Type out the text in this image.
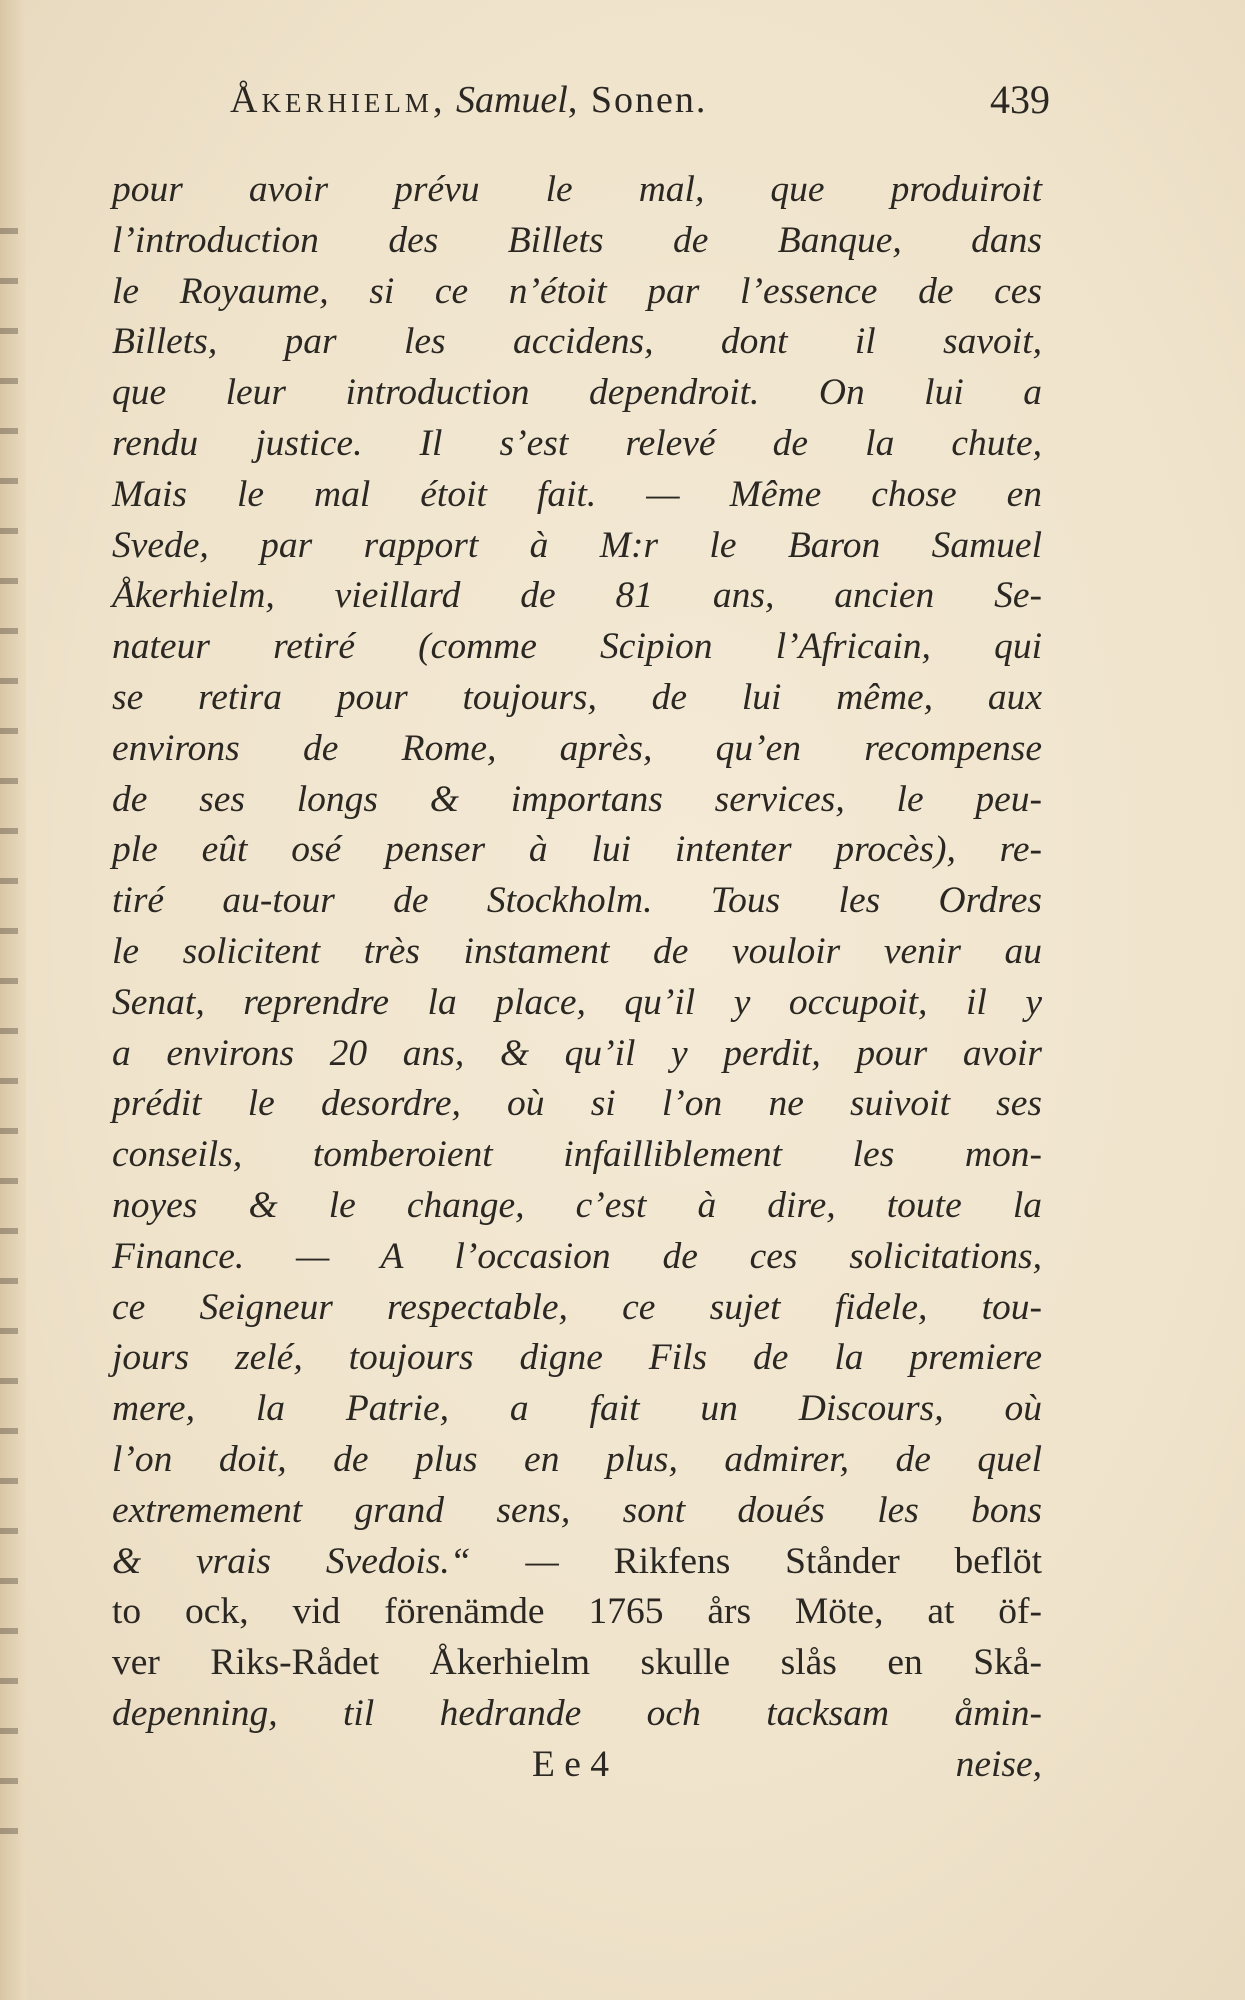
Åkerhielm, Samuel, Sonen.	439
pour avoir prévu le mal, que produiroit
l’introduction des Billets de Banque, dans
le Royaume, si ce n’étoit par l’essence de ces
Billets, par les accidens, dont il savoit,
que leur introduction dependroit. On lui a
rendu justice. Il s’est relevé de la chute,
Mais le mal étoit fait. — Même chose en
Svede, par rapport à M:r le Baron Samuel
Åkerhielm, vieillard de 81 ans, ancien Se-
nateur retiré (comme Scipion l’Africain, qui
se retira pour toujours, de lui même, aux
environs de Rome, après, qu’en recompense
de ses longs & importans services, le peu-
ple eût osé penser à lui intenter procès), re-
tiré au-tour de Stockholm. Tous les Ordres
le solicitent très instament de vouloir venir au
Senat, reprendre la place, qu’il y occupoit, il y
a environs 20 ans, & qu’il y perdit, pour avoir
prédit le desordre, où si l’on ne suivoit ses
conseils, tomberoient infailliblement les mon-
noyes & le change, c’est à dire, toute la
Finance. — A l’occasion de ces solicitations,
ce Seigneur respectable, ce sujet fidele, tou-
jours zelé, toujours digne Fils de la premiere
mere, la Patrie, a fait un Discours, où
l’on doit, de plus en plus, admirer, de quel
extremement grand sens, sont doués les bons
& vrais Svedois.“ — Rikfens Stånder beflöt
to ock, vid förenämde 1765 års Möte, at öf-
ver Riks-Rådet Åkerhielm skulle slås en Skå-
depenning, til hedrande och tacksam åmin-
E e 4	neise,
